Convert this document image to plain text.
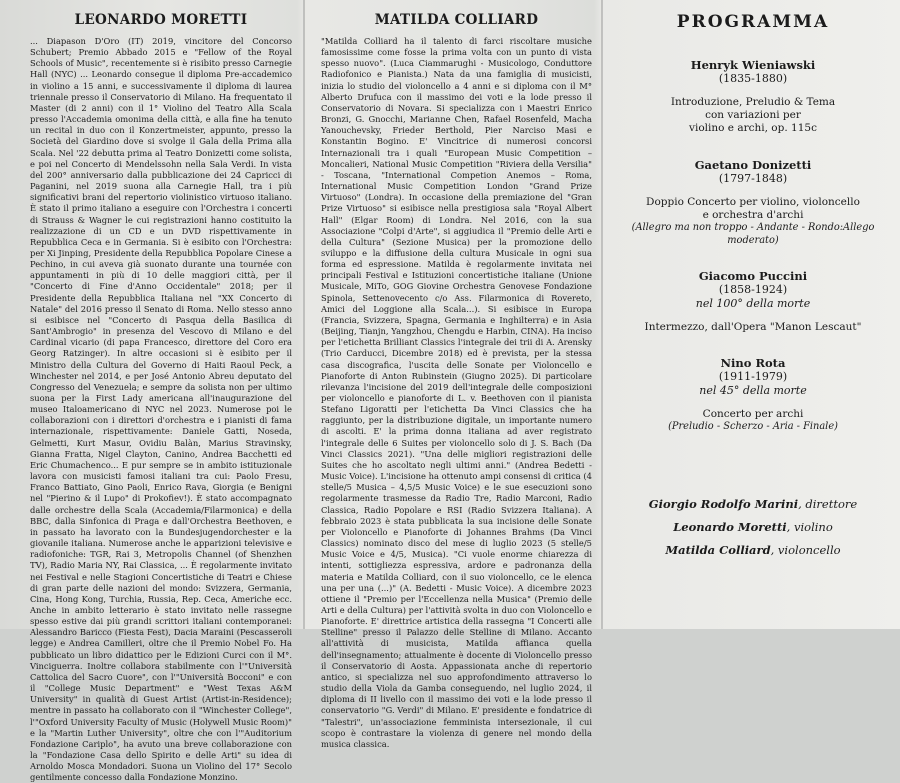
LEONARDO MORETTI

... Diapason D'Oro (IT) 2019, vincitore del Concorso Schubert; Premio Abbado 2015 e "Fellow of the Royal Schools of Music", recentemente si è risibito presso Carnegie Hall (NYC) ... Leonardo consegue il diploma Pre-accademico in violino a 15 anni, e successivamente il diploma di laurea triennale presso il Conservatorio di Milano. Ha frequentato il Master (di 2 anni) con il 1° Violino del Teatro Alla Scala presso l'Accademia omonima della città, e alla fine ha tenuto un recital in duo con il Konzertmeister, appunto, presso la Società del Giardino dove si svolge il Gala della Prima alla Scala. Nel '22 debutta prima al Teatro Donizetti come solista, e poi nel Concerto di Mendelssohn nella Sala Verdi. In vista del 200° anniversario dalla pubblicazione dei 24 Capricci di Paganini, nel 2019 suona alla Carnegie Hall, tra i più significativi brani del repertorio violinistico virtuoso italiano. È stato il primo italiano a eseguire con l'Orchestra i concerti di Strauss & Wagner le cui registrazioni hanno costituito la realizzazione di un CD e un DVD rispettivamente in Repubblica Ceca e in Germania. Si è esibito con l'Orchestra: per Xi Jinping, Presidente della Repubblica Popolare Cinese a Pechino, in cui aveva già suonato durante una tournée con appuntamenti in più di 10 delle maggiori città, per il "Concerto di Fine d'Anno Occidentale" 2018; per il Presidente della Repubblica Italiana nel "XX Concerto di Natale" del 2016 presso il Senato di Roma. Nello stesso anno si esibisce nel "Concerto di Pasqua della Basilica di Sant'Ambrogio" in presenza del Vescovo di Milano e del Cardinal vicario (di papa Francesco, direttore del Coro era Georg Ratzinger). In altre occasioni si è esibito per il Ministro della Cultura del Governo di Haiti Raoul Peck, a Winchester nel 2014, e per José Antonio Abreu deputato del Congresso del Venezuela; e sempre da solista non per ultimo suona per la First Lady americana all'inaugurazione del museo Italoamericano di NYC nel 2023. Numerose poi le collaborazioni con i direttori d'orchestra e i pianisti di fama internazionale, rispettivamente: Daniele Gatti, Noseda, Gelmetti, Kurt Masur, Ovidiu Balàn, Marius Stravinsky, Gianna Fratta, Nigel Clayton, Canino, Andrea Bacchetti ed Eric Chumachenco... E pur sempre se in ambito istituzionale lavora con musicisti famosi italiani tra cui: Paolo Fresu, Franco Battiato, Gino Paoli, Enrico Rava, Giorgia (e Benigni nel "Pierino & il Lupo" di Prokofiev!). È stato accompagnato dalle orchestre della Scala (Accademia/Filarmonica) e della BBC, dalla Sinfonica di Praga e dall'Orchestra Beethoven, e in passato ha lavorato con la Bundesjugendorchester e la giovanile italiana. Numerose anche le apparizioni televisive e radiofoniche: TGR, Rai 3, Metropolis Channel (of Shenzhen TV), Radio Maria NY, Rai Classica, ... È regolarmente invitato nei Festival e nelle Stagioni Concertistiche di Teatri e Chiese di gran parte delle nazioni del mondo: Svizzera, Germania, Cina, Hong Kong, Turchia, Russia, Rep. Ceca, Americhe ecc. Anche in ambito letterario è stato invitato nelle rassegne spesso estive dai più grandi scrittori italiani contemporanei: Alessandro Baricco (Fiesta Fest), Dacia Maraini (Pescasseroli legge) e Andrea Camilleri, oltre che il Premio Nobel Fo. Ha pubblicato un libro didattico per le Edizioni Curci con il M°. Vinciguerra. Inoltre collabora stabilmente con l'"Università Cattolica del Sacro Cuore", con l'"Università Bocconi" e con il "College Music Department" e "West Texas A&M University" in qualità di Guest Artist (Artist-in-Residence); mentre in passato ha collaborato con il "Winchester College", l'"Oxford University Faculty of Music (Holywell Music Room)" e la "Martin Luther University", oltre che con l'"Auditorium Fondazione Cariplo", ha avuto una breve collaborazione con la "Fondazione Casa dello Spirito e delle Arti" su idea di Arnoldo Mosca Mondadori. Suona un Violino del 17° Secolo gentilmente concesso dalla Fondazione Monzino.

MATILDA COLLIARD

"Matilda Colliard ha il talento di farci riscoltare musiche famosissime come fosse la prima volta con un punto di vista spesso nuovo". (Luca Ciammarughi - Musicologo, Conduttore Radiofonico e Pianista.) Nata da una famiglia di musicisti, inizia lo studio del violoncello a 4 anni e si diploma con il M° Alberto Drufuca con il massimo dei voti e la lode presso il Conservatorio di Novara. Si specializza con i Maestri Enrico Bronzi, G. Gnocchi, Marianne Chen, Rafael Rosenfeld, Macha Yanouchevsky, Frieder Berthold, Pier Narciso Masi e Konstantin Bogino. E' Vincitrice di numerosi concorsi Internazionali tra i quali "European Music Competition – Moncalieri, National Music Competition "Riviera della Versilia" - Toscana, "International Competion Anemos – Roma, International Music Competition London "Grand Prize Virtuoso" (Londra). In occasione della premiazione del "Gran Prize Virtuoso" si esibisce nella prestigiosa sala "Royal Albert Hall" (Elgar Room) di Londra. Nel 2016, con la sua Associazione "Colpi d'Arte", si aggiudica il "Premio delle Arti e della Cultura" (Sezione Musica) per la promozione dello sviluppo e la diffusione della cultura Musicale in ogni sua forma ed espressione. Matilda è regolarmente invitata nei principali Festival e Istituzioni concertistiche italiane (Unione Musicale, MiTo, GOG Giovine Orchestra Genovese Fondazione Spinola, Settenovecento c/o Ass. Filarmonica di Rovereto, Amici del Loggione alla Scala...). Si esibisce in Europa (Francia, Svizzera, Spagna, Germania e Inghilterra) e in Asia (Beijing, Tianjn, Yangzhou, Chengdu e Harbin, CINA). Ha inciso per l'etichetta Brilliant Classics l'integrale dei trii di A. Arensky (Trio Carducci, Dicembre 2018) ed è prevista, per la stessa casa discografica, l'uscita delle Sonate per Violoncello e Pianoforte di Anton Rubinstein (Giugno 2025). Di particolare rilevanza l'incisione del 2019 dell'integrale delle composizioni per violoncello e pianoforte di L. v. Beethoven con il pianista Stefano Ligoratti per l'etichetta Da Vinci Classics che ha raggiunto, per la distribuzione digitale, un importante numero di ascolti. E' la prima donna italiana ad aver registrato l'integrale delle 6 Suites per violoncello solo di J. S. Bach (Da Vinci Classics 2021). "Una delle migliori registrazioni delle Suites che ho ascoltato negli ultimi anni." (Andrea Bedetti - Music Voice). L'incisione ha ottenuto ampi consensi di critica (4 stelle/5 Musica – 4,5/5 Music Voice) e le sue esecuzioni sono regolarmente trasmesse da Radio Tre, Radio Marconi, Radio Classica, Radio Popolare e RSI (Radio Svizzera Italiana). A febbraio 2023 è stata pubblicata la sua incisione delle Sonate per Violoncello e Pianoforte di Johannes Brahms (Da Vinci Classics) nominato disco del mese di luglio 2023 (5 stelle/5 Music Voice e 4/5, Musica). "Ci vuole enorme chiarezza di intenti, sottigliezza espressiva, ardore e padronanza della materia e Matilda Colliard, con il suo violoncello, ce le elenca una per una (...)" (A. Bedetti - Music Voice). A dicembre 2023 ottiene il "Premio per l'Eccellenza nella Musica" (Premio delle Arti e della Cultura) per l'attività svolta in duo con Violoncello e Pianoforte. E' direttrice artistica della rassegna "I Concerti alle Stelline" presso il Palazzo delle Stelline di Milano. Accanto all'attività di musicista, Matilda affianca quella dell'insegnamento; attualmente è docente di Violoncello presso il Conservatorio di Aosta. Appassionata anche di repertorio antico, si specializza nel suo approfondimento attraverso lo studio della Viola da Gamba conseguendo, nel luglio 2024, il diploma di II livello con il massimo dei voti e la lode presso il conservatorio "G. Verdi" di Milano. E' presidente e fondatrice di "Talestri", un'associazione femminista intersezionale, il cui scopo è contrastare la violenza di genere nel mondo della musica classica.

PROGRAMMA
Henryk Wieniawski
(1835-1880)
Introduzione, Preludio & Tema
con variazioni per
violino e archi, op. 115c
Gaetano Donizetti
(1797-1848)
Doppio Concerto per violino, violoncello
e orchestra d'archi
(Allegro ma non troppo - Andante - Rondo:Allego moderato)
Giacomo Puccini
(1858-1924)
nel 100° della morte
Intermezzo, dall'Opera "Manon Lescaut"
Nino Rota
(1911-1979)
nel 45° della morte
Concerto per archi
(Preludio - Scherzo - Aria - Finale)
Giorgio Rodolfo Marini, direttore
Leonardo Moretti, violino
Matilda Colliard, violoncello
